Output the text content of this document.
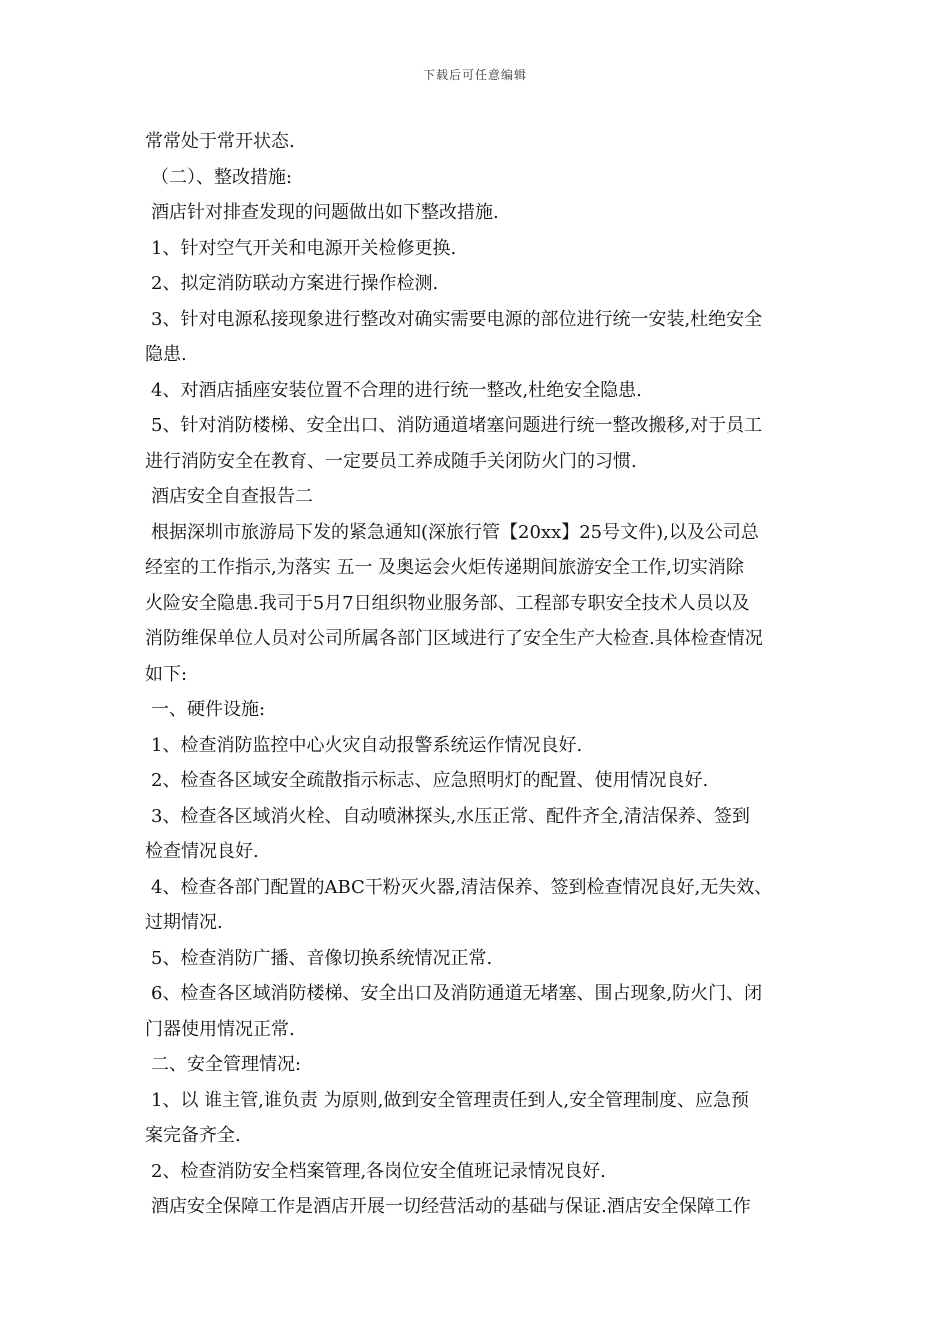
下载后可任意编辑
常常处于常开状态.
（二）、整改措施:
酒店针对排查发现的问题做出如下整改措施.
1、针对空气开关和电源开关检修更换.
2、拟定消防联动方案进行操作检测.
3、针对电源私接现象进行整改对确实需要电源的部位进行统一安装,杜绝安全
隐患.
4、对酒店插座安装位置不合理的进行统一整改,杜绝安全隐患.
5、针对消防楼梯、安全出口、消防通道堵塞问题进行统一整改搬移,对于员工
进行消防安全在教育、一定要员工养成随手关闭防火门的习惯.
酒店安全自查报告二
根据深圳市旅游局下发的紧急通知(深旅行管【20xx】25号文件),以及公司总
经室的工作指示,为落实 五一 及奥运会火炬传递期间旅游安全工作,切实消除
火险安全隐患.我司于5月7日组织物业服务部、工程部专职安全技术人员以及
消防维保单位人员对公司所属各部门区域进行了安全生产大检查.具体检查情况
如下:
一、硬件设施:
1、检查消防监控中心火灾自动报警系统运作情况良好.
2、检查各区域安全疏散指示标志、应急照明灯的配置、使用情况良好.
3、检查各区域消火栓、自动喷淋探头,水压正常、配件齐全,清洁保养、签到
检查情况良好.
4、检查各部门配置的ABC干粉灭火器,清洁保养、签到检查情况良好,无失效、
过期情况.
5、检查消防广播、音像切换系统情况正常.
6、检查各区域消防楼梯、安全出口及消防通道无堵塞、围占现象,防火门、闭
门器使用情况正常.
二、安全管理情况:
1、以 谁主管,谁负责 为原则,做到安全管理责任到人,安全管理制度、应急预
案完备齐全.
2、检查消防安全档案管理,各岗位安全值班记录情况良好.
酒店安全保障工作是酒店开展一切经营活动的基础与保证.酒店安全保障工作
